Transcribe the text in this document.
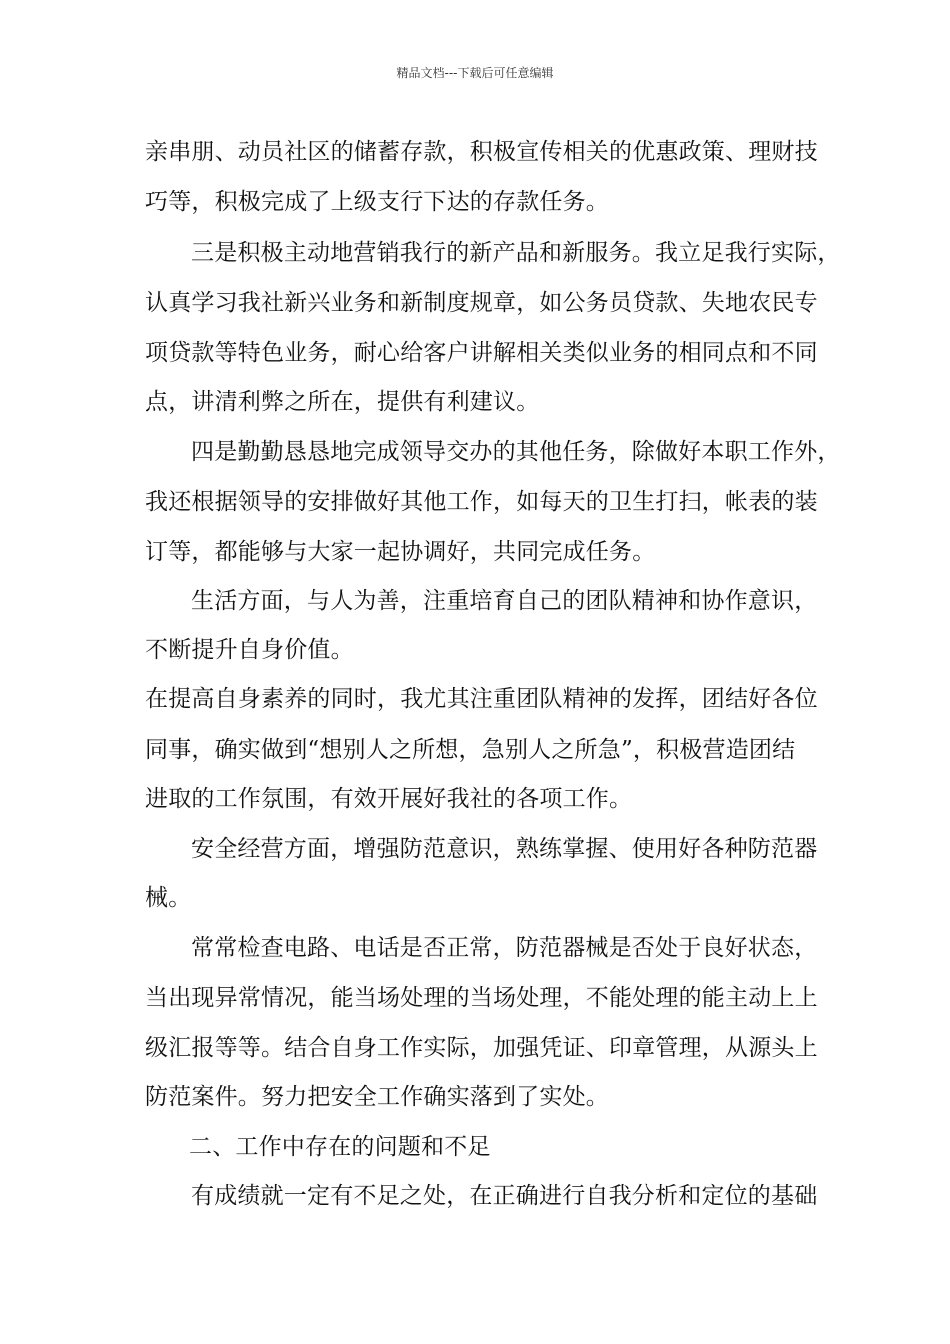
精品文档---下载后可任意编辑
亲串朋、动员社区的储蓄存款，积极宣传相关的优惠政策、理财技
巧等，积极完成了上级支行下达的存款任务。
三是积极主动地营销我行的新产品和新服务。我立足我行实际，
认真学习我社新兴业务和新制度规章，如公务员贷款、失地农民专
项贷款等特色业务，耐心给客户讲解相关类似业务的相同点和不同
点，讲清利弊之所在，提供有利建议。
四是勤勤恳恳地完成领导交办的其他任务，除做好本职工作外，
我还根据领导的安排做好其他工作，如每天的卫生打扫，帐表的装
订等，都能够与大家一起协调好，共同完成任务。
生活方面，与人为善，注重培育自己的团队精神和协作意识，
不断提升自身价值。
在提高自身素养的同时，我尤其注重团队精神的发挥，团结好各位
同事，确实做到“想别人之所想，急别人之所急”，积极营造团结
进取的工作氛围，有效开展好我社的各项工作。
安全经营方面，增强防范意识，熟练掌握、使用好各种防范器
械。
常常检查电路、电话是否正常，防范器械是否处于良好状态，
当出现异常情况，能当场处理的当场处理，不能处理的能主动上上
级汇报等等。结合自身工作实际，加强凭证、印章管理，从源头上
防范案件。努力把安全工作确实落到了实处。
二、工作中存在的问题和不足
有成绩就一定有不足之处，在正确进行自我分析和定位的基础
